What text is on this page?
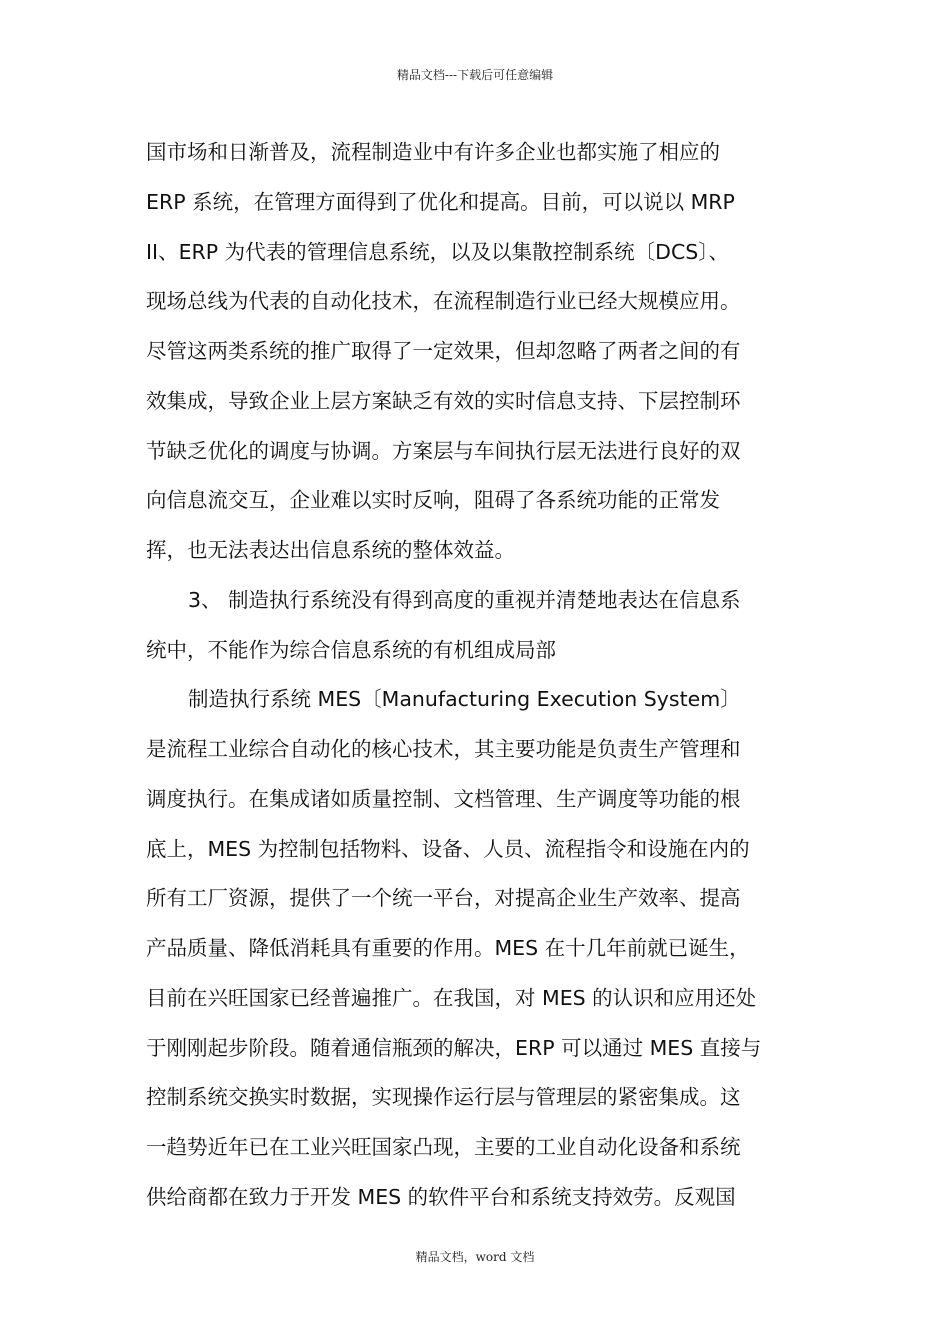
精品文档---下载后可任意编辑
国市场和日渐普及，流程制造业中有许多企业也都实施了相应的
ERP 系统，在管理方面得到了优化和提高。目前，可以说以 MRP
II、ERP 为代表的管理信息系统，以及以集散控制系统〔DCS〕、
现场总线为代表的自动化技术，在流程制造行业已经大规模应用。
尽管这两类系统的推广取得了一定效果，但却忽略了两者之间的有
效集成，导致企业上层方案缺乏有效的实时信息支持、下层控制环
节缺乏优化的调度与协调。方案层与车间执行层无法进行良好的双
向信息流交互，企业难以实时反响，阻碍了各系统功能的正常发
挥，也无法表达出信息系统的整体效益。
3、 制造执行系统没有得到高度的重视并清楚地表达在信息系
统中，不能作为综合信息系统的有机组成局部
制造执行系统 MES〔Manufacturing Execution System〕
是流程工业综合自动化的核心技术，其主要功能是负责生产管理和
调度执行。在集成诸如质量控制、文档管理、生产调度等功能的根
底上，MES 为控制包括物料、设备、人员、流程指令和设施在内的
所有工厂资源，提供了一个统一平台，对提高企业生产效率、提高
产品质量、降低消耗具有重要的作用。MES 在十几年前就已诞生，
目前在兴旺国家已经普遍推广。在我国，对 MES 的认识和应用还处
于刚刚起步阶段。随着通信瓶颈的解决，ERP 可以通过 MES 直接与
控制系统交换实时数据，实现操作运行层与管理层的紧密集成。这
一趋势近年已在工业兴旺国家凸现，主要的工业自动化设备和系统
供给商都在致力于开发 MES 的软件平台和系统支持效劳。反观国
精品文档，word 文档
